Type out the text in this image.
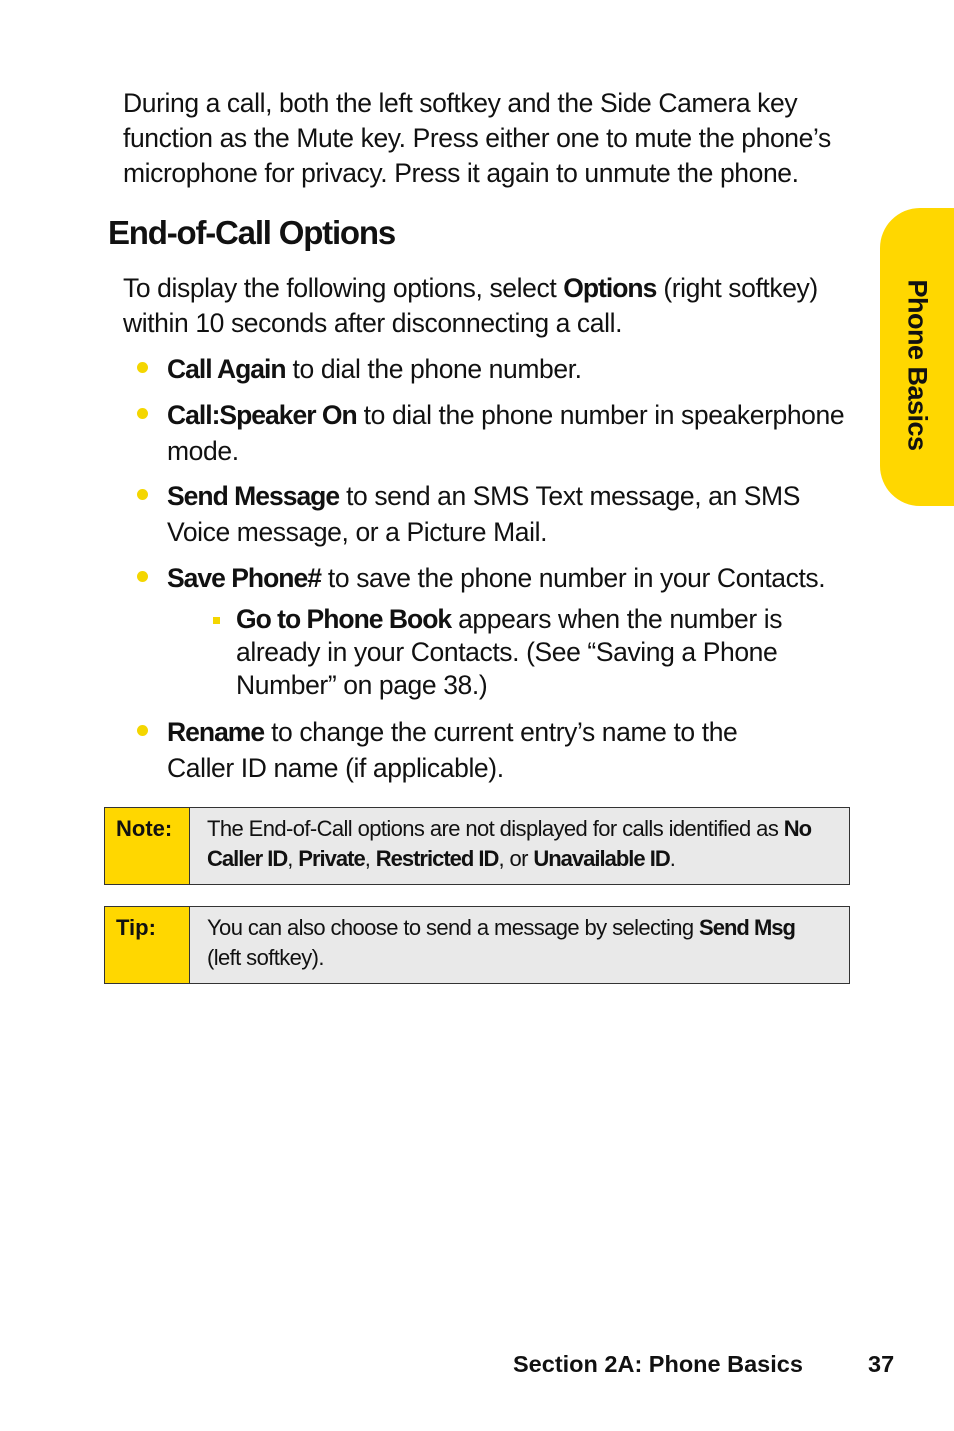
During a call, both the left softkey and the Side Camera key function as the Mute key. Press either one to mute the phone’s microphone for privacy. Press it again to unmute the phone.

End-of-Call Options

To display the following options, select Options (right softkey) within 10 seconds after disconnecting a call.

Call Again to dial the phone number.

Call:Speaker On to dial the phone number in speakerphone mode.

Send Message to send an SMS Text message, an SMS Voice message, or a Picture Mail.

Save Phone# to save the phone number in your Contacts.

Go to Phone Book appears when the number is already in your Contacts. (See “Saving a Phone Number” on page 38.)

Rename to change the current entry’s name to the Caller ID name (if applicable).

Note:	The End-of-Call options are not displayed for calls identified as No Caller ID, Private, Restricted ID, or Unavailable ID.
Tip:	You can also choose to send a message by selecting Send Msg (left softkey).
Phone Basics
Section 2A: Phone Basics	37
